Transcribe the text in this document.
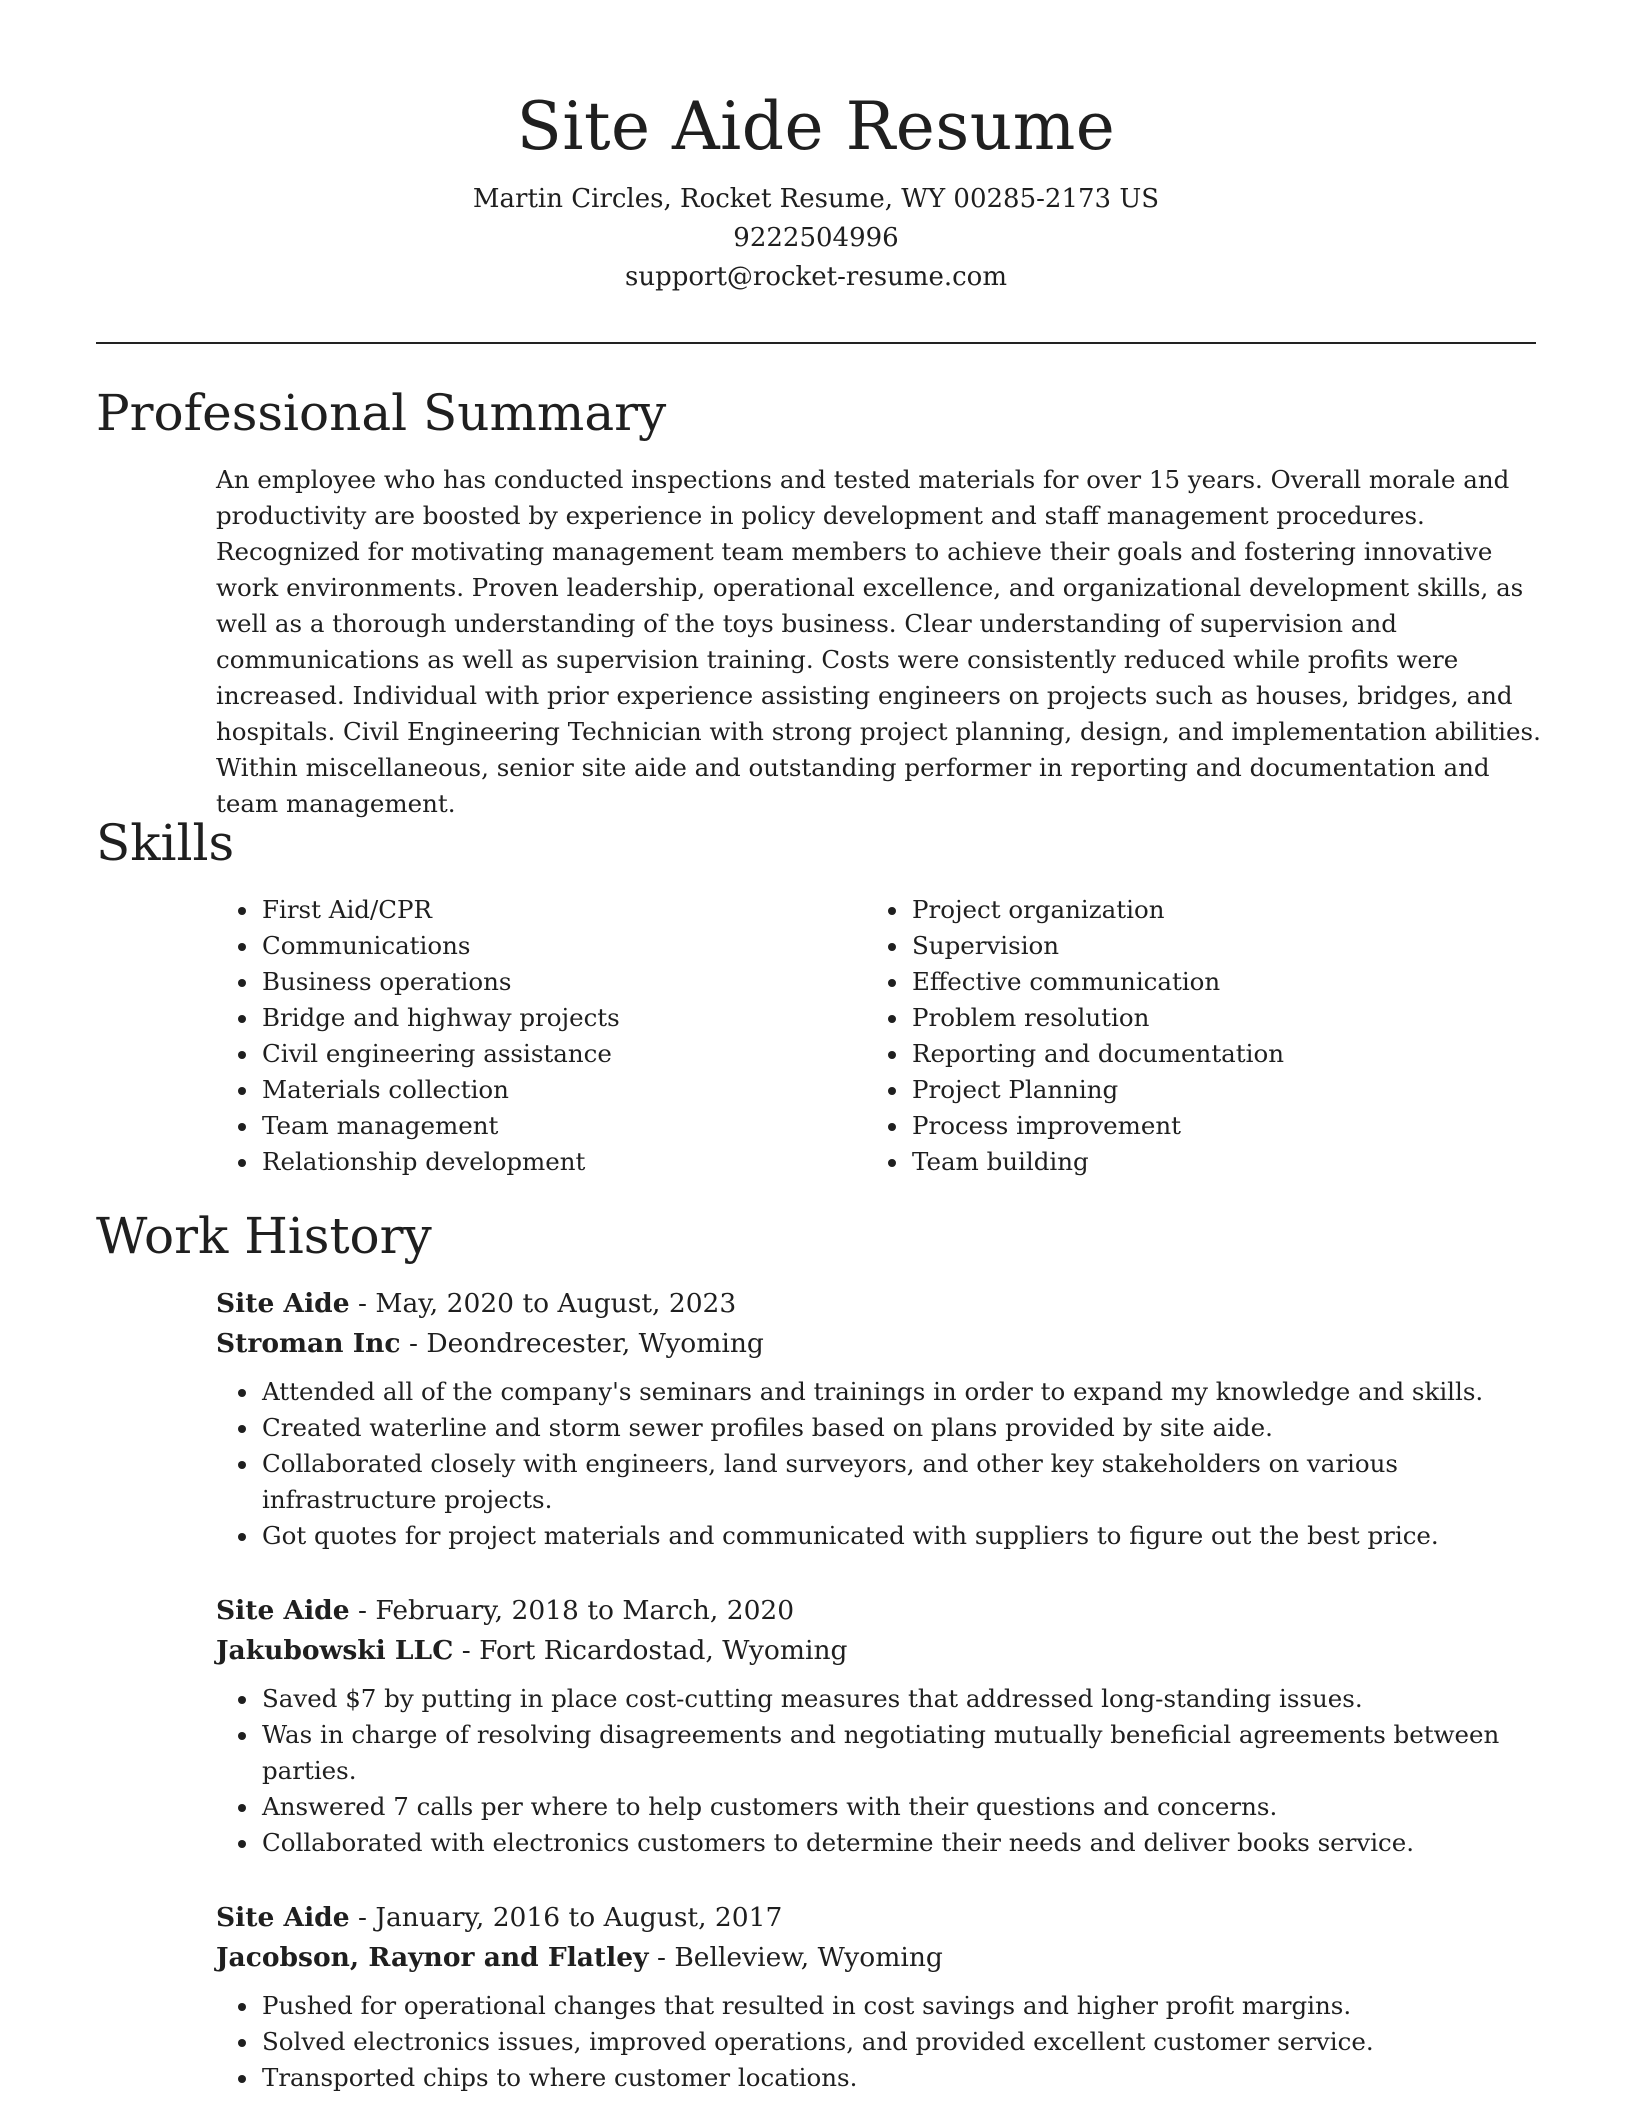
Site Aide Resume

Martin Circles, Rocket Resume, WY 00285-2173 US

9222504996

support@rocket-resume.com

Professional Summary

An employee who has conducted inspections and tested materials for over 15 years. Overall morale and productivity are boosted by experience in policy development and staff management procedures. Recognized for motivating management team members to achieve their goals and fostering innovative work environments. Proven leadership, operational excellence, and organizational development skills, as well as a thorough understanding of the toys business. Clear understanding of supervision and communications as well as supervision training. Costs were consistently reduced while profits were increased. Individual with prior experience assisting engineers on projects such as houses, bridges, and hospitals. Civil Engineering Technician with strong project planning, design, and implementation abilities. Within miscellaneous, senior site aide and outstanding performer in reporting and documentation and team management.

Skills
• First Aid/CPR
• Communications
• Business operations
• Bridge and highway projects
• Civil engineering assistance
• Materials collection
• Team management
• Relationship development
• Project organization
• Supervision
• Effective communication
• Problem resolution
• Reporting and documentation
• Project Planning
• Process improvement
• Team building
Work History

Site Aide - May, 2020 to August, 2023

Stroman Inc - Deondrecester, Wyoming

• Attended all of the company's seminars and trainings in order to expand my knowledge and skills.
• Created waterline and storm sewer profiles based on plans provided by site aide.
• Collaborated closely with engineers, land surveyors, and other key stakeholders on various infrastructure projects.
• Got quotes for project materials and communicated with suppliers to figure out the best price.

Site Aide - February, 2018 to March, 2020

Jakubowski LLC - Fort Ricardostad, Wyoming

• Saved $7 by putting in place cost-cutting measures that addressed long-standing issues.
• Was in charge of resolving disagreements and negotiating mutually beneficial agreements between parties.
• Answered 7 calls per where to help customers with their questions and concerns.
• Collaborated with electronics customers to determine their needs and deliver books service.

Site Aide - January, 2016 to August, 2017

Jacobson, Raynor and Flatley - Belleview, Wyoming

• Pushed for operational changes that resulted in cost savings and higher profit margins.
• Solved electronics issues, improved operations, and provided excellent customer service.
• Transported chips to where customer locations.
